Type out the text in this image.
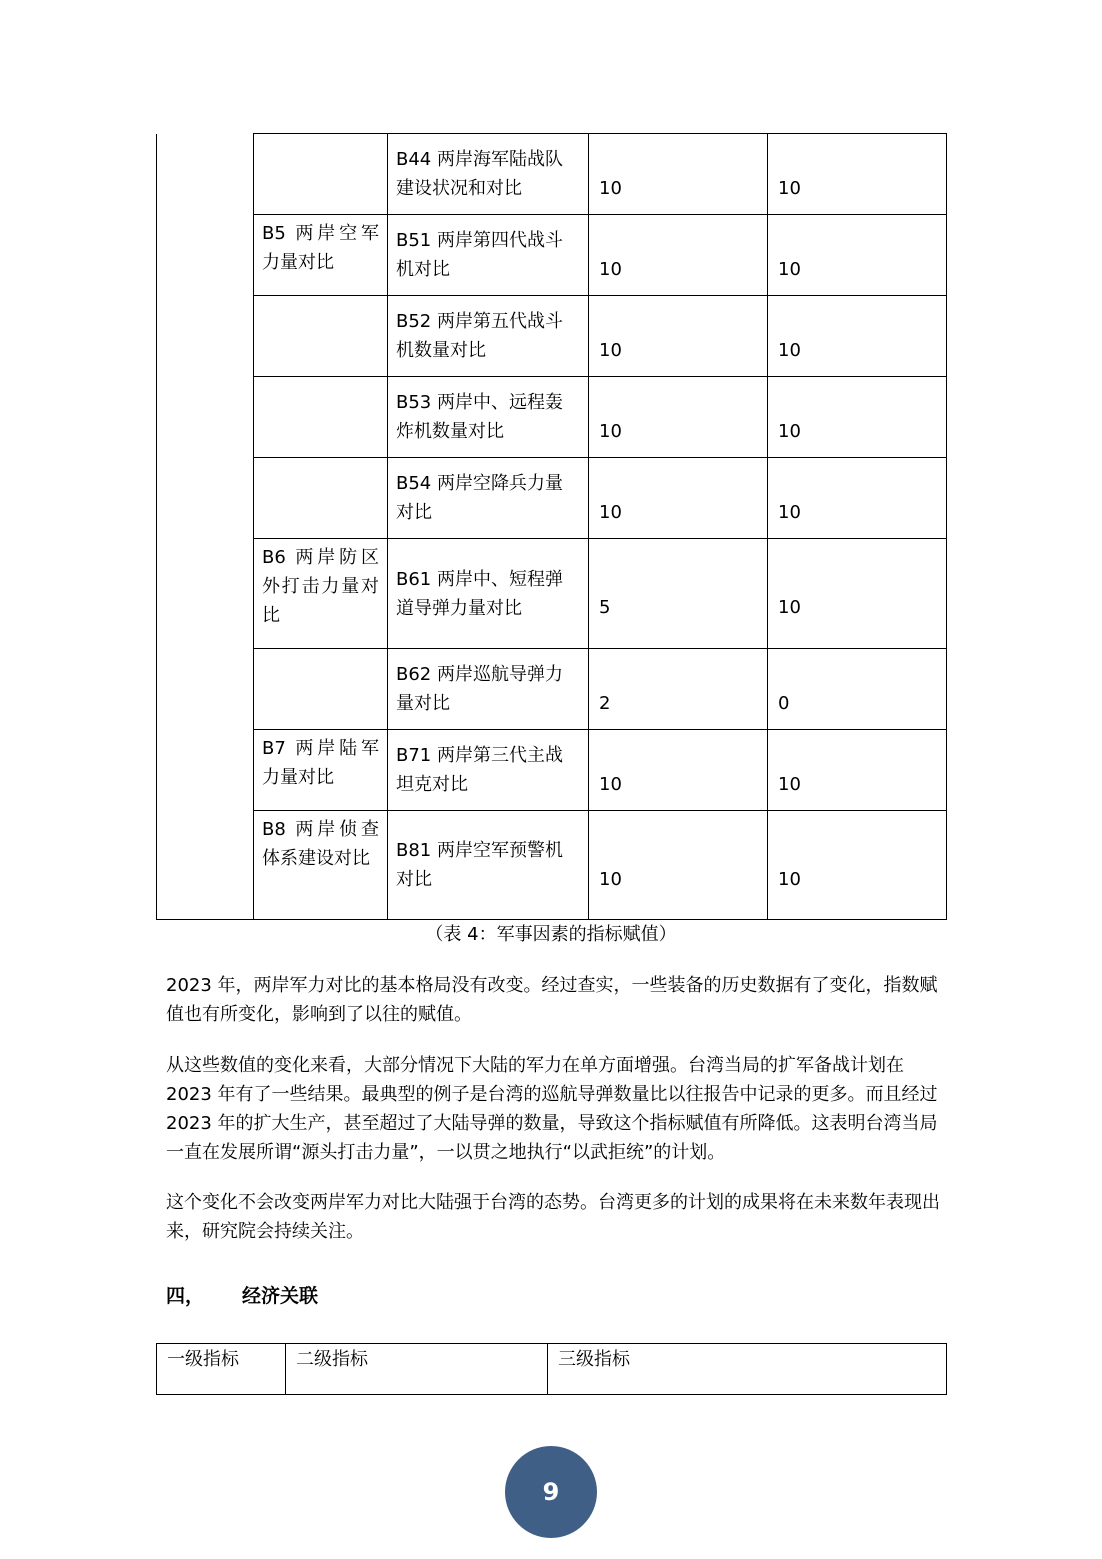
		B44 两岸海军陆战队建设状况和对比	10	10
	B5 两岸空军力量对比	B51 两岸第四代战斗机对比	10	10
		B52 两岸第五代战斗机数量对比	10	10
		B53 两岸中、远程轰炸机数量对比	10	10
		B54 两岸空降兵力量对比	10	10
	B6 两岸防区外打击力量对比	B61 两岸中、短程弹道导弹力量对比	5	10
		B62 两岸巡航导弹力量对比	2	0
	B7 两岸陆军力量对比	B71 两岸第三代主战坦克对比	10	10
	B8 两岸侦查体系建设对比	B81 两岸空军预警机对比	10	10
（表 4：军事因素的指标赋值）

2023 年，两岸军力对比的基本格局没有改变。经过查实，一些装备的历史数据有了变化，指数赋值也有所变化，影响到了以往的赋值。

从这些数值的变化来看，大部分情况下大陆的军力在单方面增强。台湾当局的扩军备战计划在 2023 年有了一些结果。最典型的例子是台湾的巡航导弹数量比以往报告中记录的更多。而且经过 2023 年的扩大生产，甚至超过了大陆导弹的数量，导致这个指标赋值有所降低。这表明台湾当局一直在发展所谓“源头打击力量”，一以贯之地执行“以武拒统”的计划。

这个变化不会改变两岸军力对比大陆强于台湾的态势。台湾更多的计划的成果将在未来数年表现出来，研究院会持续关注。

四， 经济关联
一级指标	二级指标	三级指标
9
